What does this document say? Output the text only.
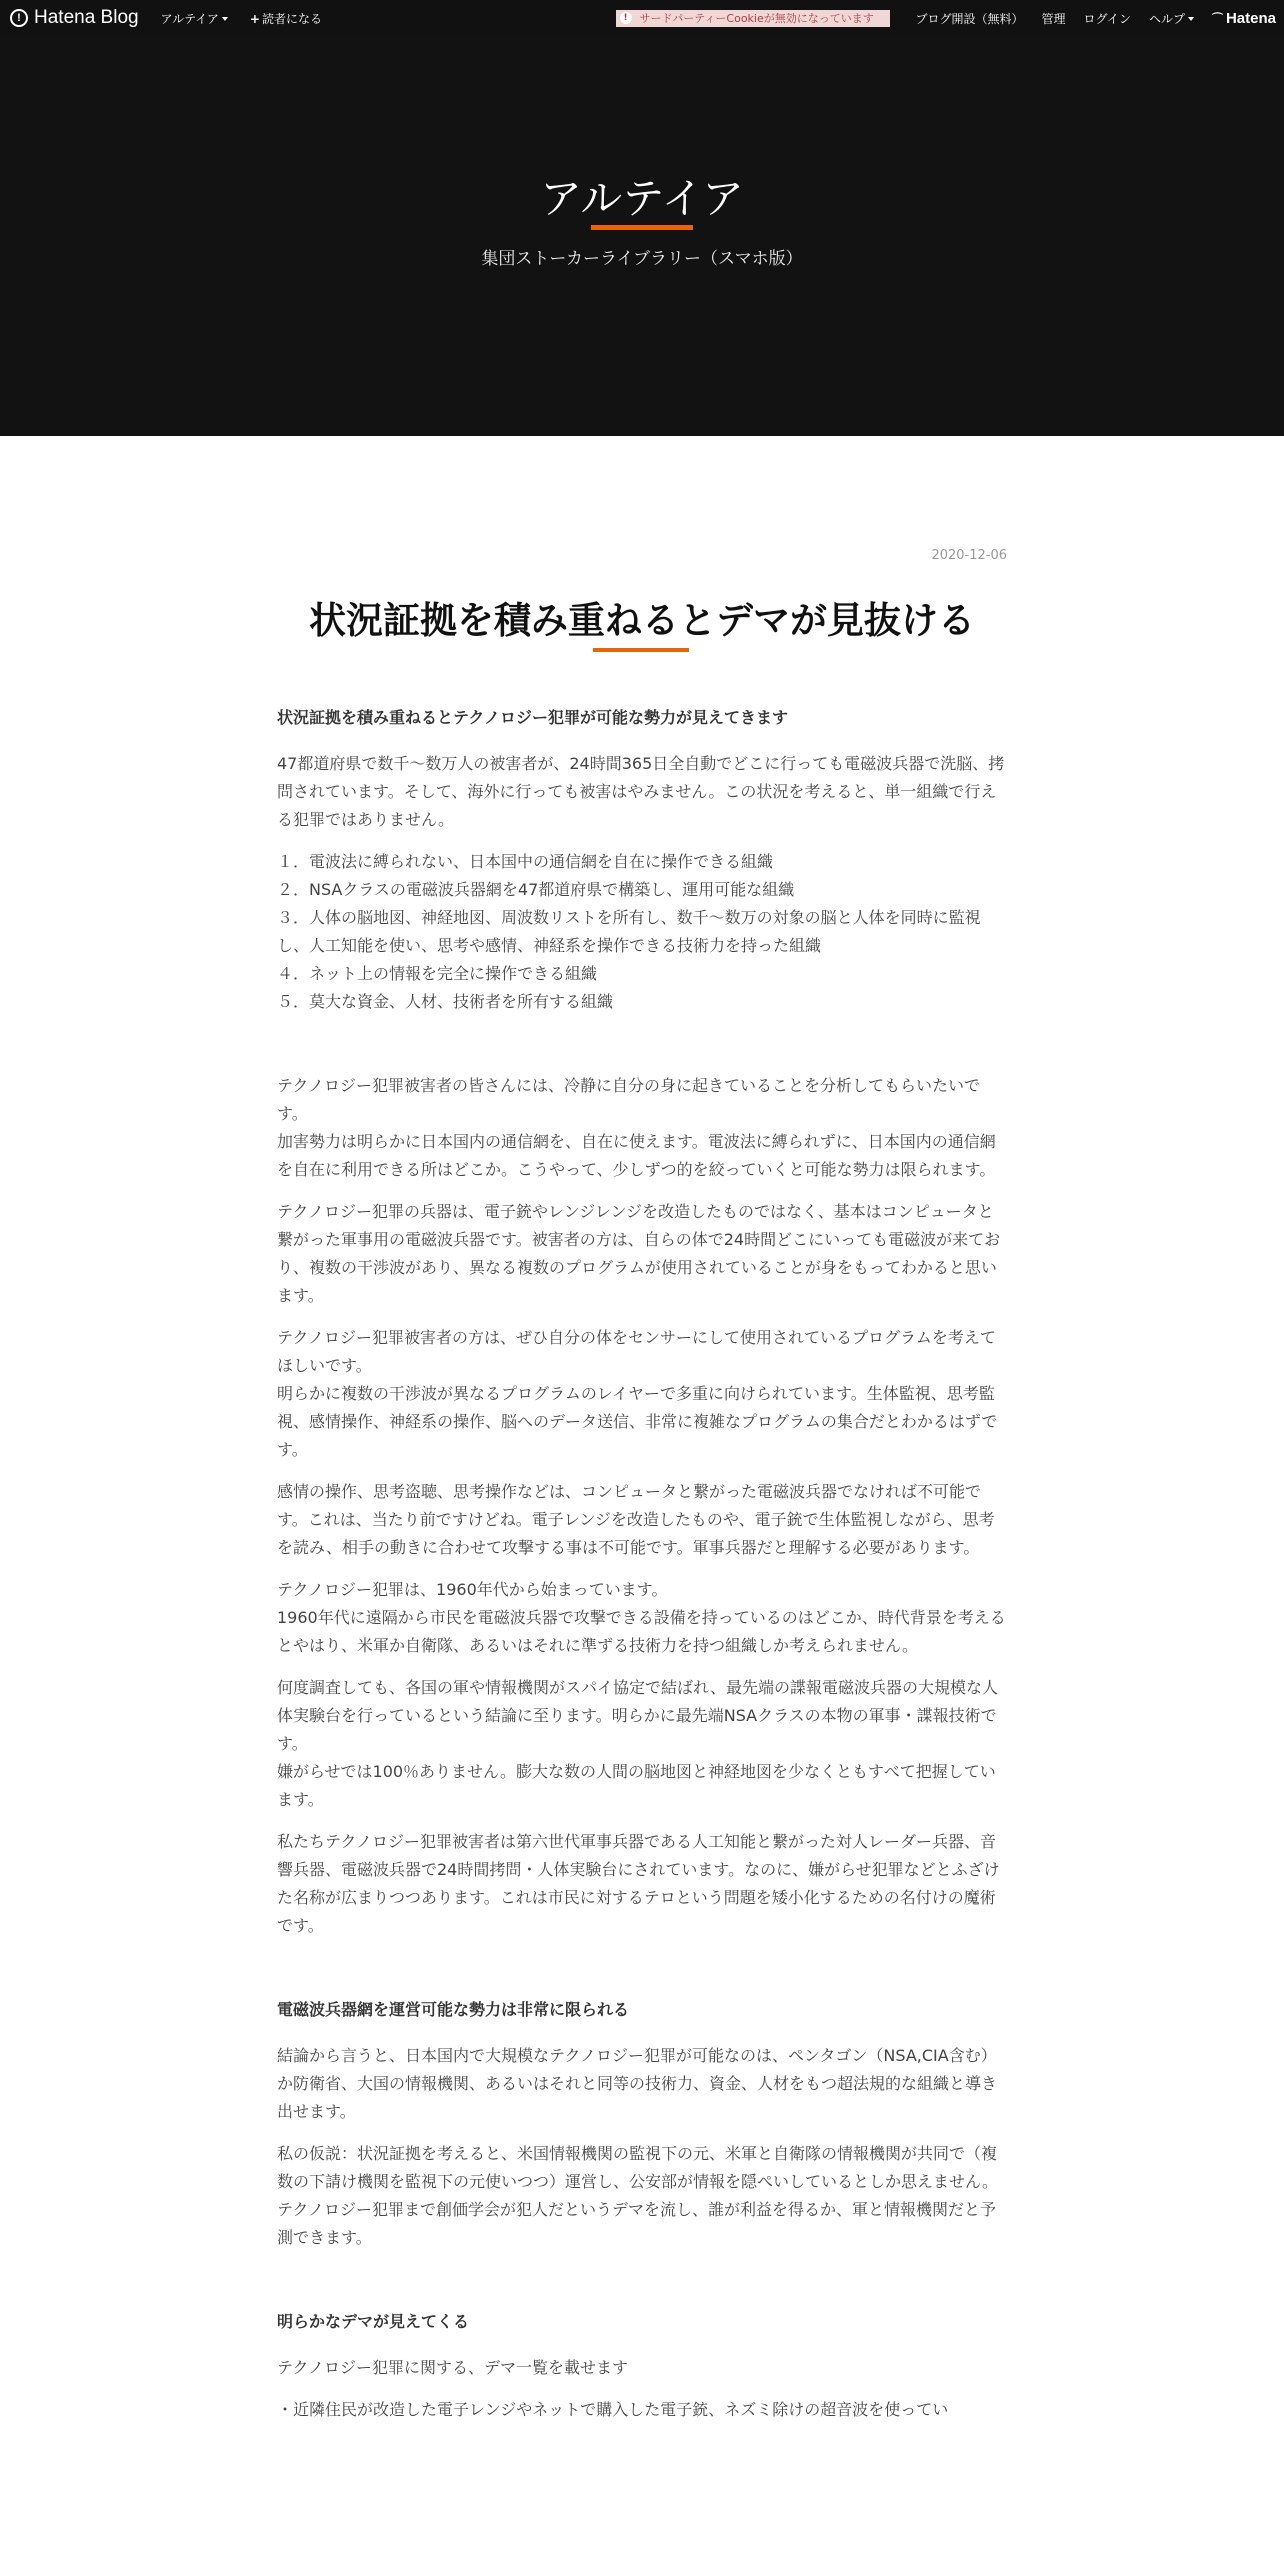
! Hatena Blog アルテイア	+ 読者になる	!	サードパーティーCookieが無効になっています	ブログ開設（無料） 管理 ログイン ヘルプ	⌒ Hatena
アルテイア
集団ストーカーライブラリー（スマホ版）
2020-12-06
状況証拠を積み重ねるとデマが見抜ける

状況証拠を積み重ねるとテクノロジー犯罪が可能な勢力が見えてきます

47都道府県で数千～数万人の被害者が、24時間365日全自動でどこに行っても電磁波兵器で洗脳、拷問されています。そして、海外に行っても被害はやみません。この状況を考えると、単一組織で行える犯罪ではありません。

１．電波法に縛られない、日本国中の通信網を自在に操作できる組織
２．NSAクラスの電磁波兵器網を47都道府県で構築し、運用可能な組織
３．人体の脳地図、神経地図、周波数リストを所有し、数千～数万の対象の脳と人体を同時に監視し、人工知能を使い、思考や感情、神経系を操作できる技術力を持った組織
４．ネット上の情報を完全に操作できる組織
５．莫大な資金、人材、技術者を所有する組織

テクノロジー犯罪被害者の皆さんには、冷静に自分の身に起きていることを分析してもらいたいです。

加害勢力は明らかに日本国内の通信網を、自在に使えます。電波法に縛られずに、日本国内の通信網を自在に利用できる所はどこか。こうやって、少しずつ的を絞っていくと可能な勢力は限られます。

テクノロジー犯罪の兵器は、電子銃やレンジレンジを改造したものではなく、基本はコンピュータと繋がった軍事用の電磁波兵器です。被害者の方は、自らの体で24時間どこにいっても電磁波が来ており、複数の干渉波があり、異なる複数のプログラムが使用されていることが身をもってわかると思います。

テクノロジー犯罪被害者の方は、ぜひ自分の体をセンサーにして使用されているプログラムを考えてほしいです。

明らかに複数の干渉波が異なるプログラムのレイヤーで多重に向けられています。生体監視、思考監視、感情操作、神経系の操作、脳へのデータ送信、非常に複雑なプログラムの集合だとわかるはずです。

感情の操作、思考盗聴、思考操作などは、コンピュータと繋がった電磁波兵器でなければ不可能です。これは、当たり前ですけどね。電子レンジを改造したものや、電子銃で生体監視しながら、思考を読み、相手の動きに合わせて攻撃する事は不可能です。軍事兵器だと理解する必要があります。

テクノロジー犯罪は、1960年代から始まっています。

1960年代に遠隔から市民を電磁波兵器で攻撃できる設備を持っているのはどこか、時代背景を考えるとやはり、米軍か自衛隊、あるいはそれに準ずる技術力を持つ組織しか考えられません。

何度調査しても、各国の軍や情報機関がスパイ協定で結ばれ、最先端の諜報電磁波兵器の大規模な人体実験台を行っているという結論に至ります。明らかに最先端NSAクラスの本物の軍事・諜報技術です。

嫌がらせでは100％ありません。膨大な数の人間の脳地図と神経地図を少なくともすべて把握しています。

私たちテクノロジー犯罪被害者は第六世代軍事兵器である人工知能と繋がった対人レーダー兵器、音響兵器、電磁波兵器で24時間拷問・人体実験台にされています。なのに、嫌がらせ犯罪などとふざけた名称が広まりつつあります。これは市民に対するテロという問題を矮小化するための名付けの魔術です。

電磁波兵器網を運営可能な勢力は非常に限られる

結論から言うと、日本国内で大規模なテクノロジー犯罪が可能なのは、ペンタゴン（NSA,CIA含む）か防衛省、大国の情報機関、あるいはそれと同等の技術力、資金、人材をもつ超法規的な組織と導き出せます。

私の仮説：状況証拠を考えると、米国情報機関の監視下の元、米軍と自衛隊の情報機関が共同で（複数の下請け機関を監視下の元使いつつ）運営し、公安部が情報を隠ぺいしているとしか思えません。

テクノロジー犯罪まで創価学会が犯人だというデマを流し、誰が利益を得るか、軍と情報機関だと予測できます。

明らかなデマが見えてくる

テクノロジー犯罪に関する、デマ一覧を載せます

・近隣住民が改造した電子レンジやネットで購入した電子銃、ネズミ除けの超音波を使ってい
